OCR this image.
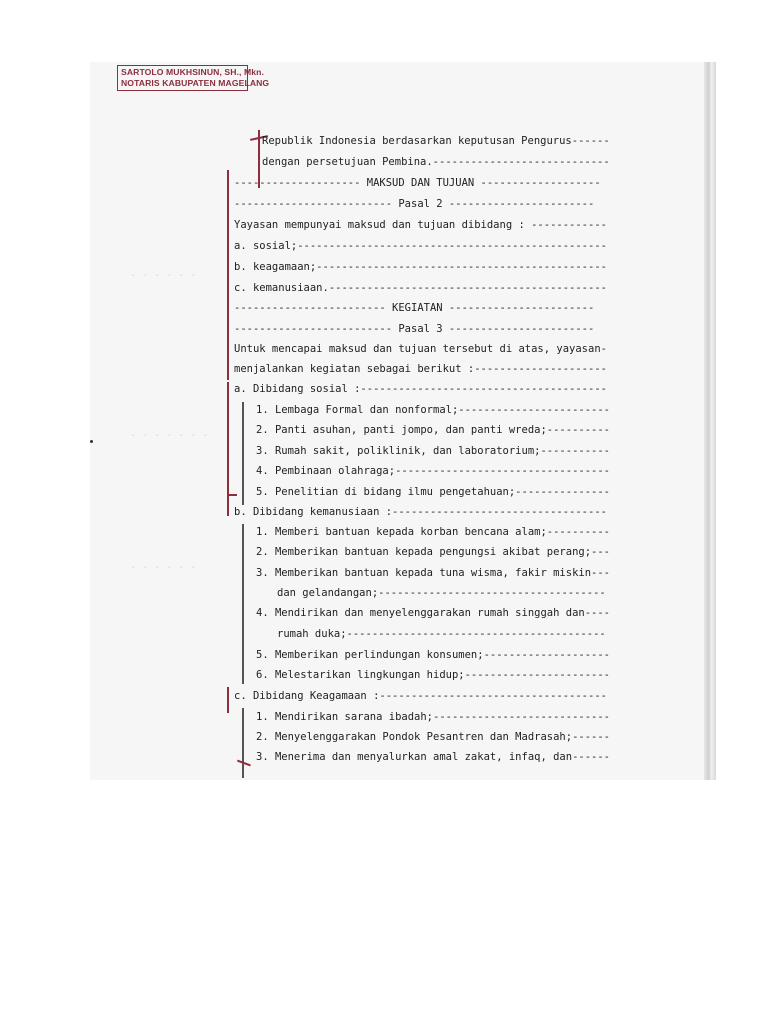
SARTOLO MUKHSINUN, SH., Mkn.
NOTARIS KABUPATEN MAGELANG
- - - - - -
- - - - - - -
- - - - - -
Republik Indonesia berdasarkan keputusan Pengurus------
dengan persetujuan Pembina.----------------------------
-------------------- MAKSUD DAN TUJUAN -------------------
------------------------- Pasal 2 -----------------------
Yayasan mempunyai maksud dan tujuan dibidang : ------------
a. sosial;-------------------------------------------------
b. keagamaan;----------------------------------------------
c. kemanusiaan.--------------------------------------------
------------------------ KEGIATAN -----------------------
------------------------- Pasal 3 -----------------------
Untuk mencapai maksud dan tujuan tersebut di atas, yayasan-
menjalankan kegiatan sebagai berikut :---------------------
a. Dibidang sosial :---------------------------------------
1. Lembaga Formal dan nonformal;------------------------
2. Panti asuhan, panti jompo, dan panti wreda;----------
3. Rumah sakit, poliklinik, dan laboratorium;-----------
4. Pembinaan olahraga;----------------------------------
5. Penelitian di bidang ilmu pengetahuan;---------------
b. Dibidang kemanusiaan :----------------------------------
1. Memberi bantuan kepada korban bencana alam;----------
2. Memberikan bantuan kepada pengungsi akibat perang;---
3. Memberikan bantuan kepada tuna wisma, fakir miskin---
dan gelandangan;------------------------------------
4. Mendirikan dan menyelenggarakan rumah singgah dan----
rumah duka;-----------------------------------------
5. Memberikan perlindungan konsumen;--------------------
6. Melestarikan lingkungan hidup;-----------------------
c. Dibidang Keagamaan :------------------------------------
1. Mendirikan sarana ibadah;----------------------------
2. Menyelenggarakan Pondok Pesantren dan Madrasah;------
3. Menerima dan menyalurkan amal zakat, infaq, dan------
